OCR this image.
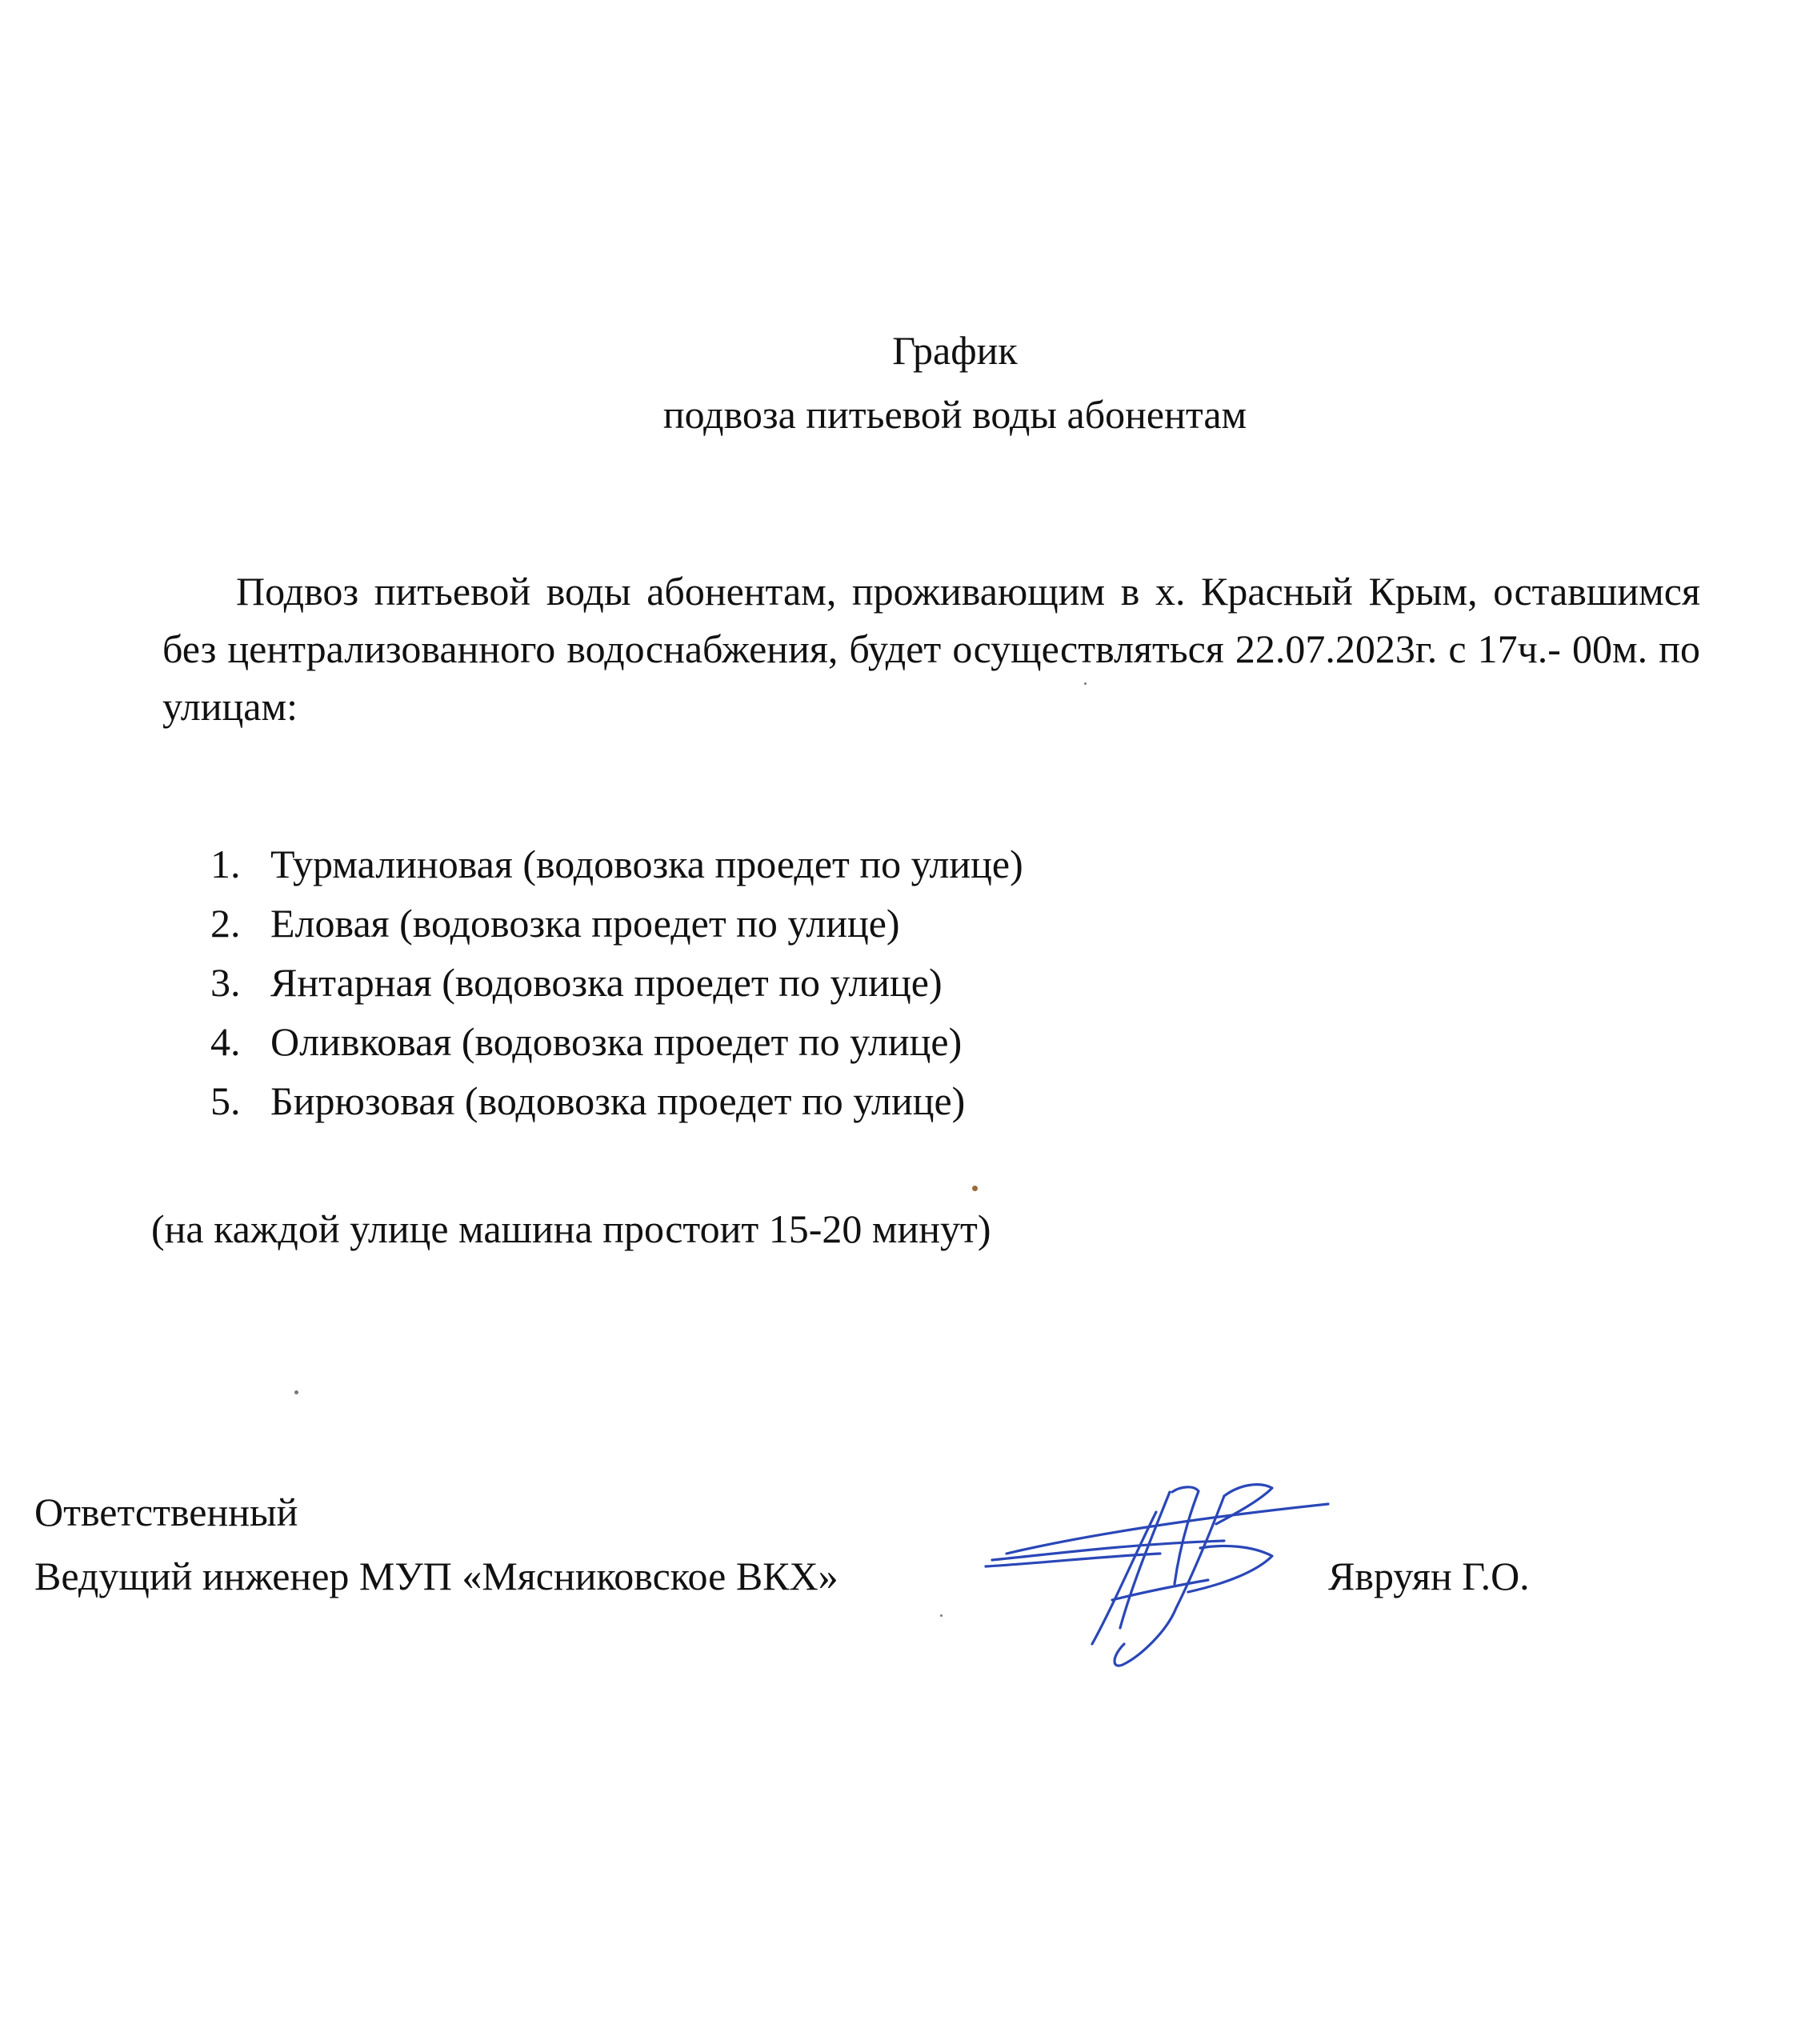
График
подвоза питьевой воды абонентам
Подвоз питьевой воды абонентам, проживающим в х. Красный Крым, оставшимся без централизованного водоснабжения, будет осуществляться 22.07.2023г. с 17ч.- 00м. по улицам:
1. Турмалиновая (водовозка проедет по улице)
2. Еловая (водовозка проедет по улице)
3. Янтарная (водовозка проедет по улице)
4. Оливковая (водовозка проедет по улице)
5. Бирюзовая (водовозка проедет по улице)
(на каждой улице машина простоит 15-20 минут)
Ответственный
Ведущий инженер МУП «Мясниковское ВКХ»	Явруян Г.О.
